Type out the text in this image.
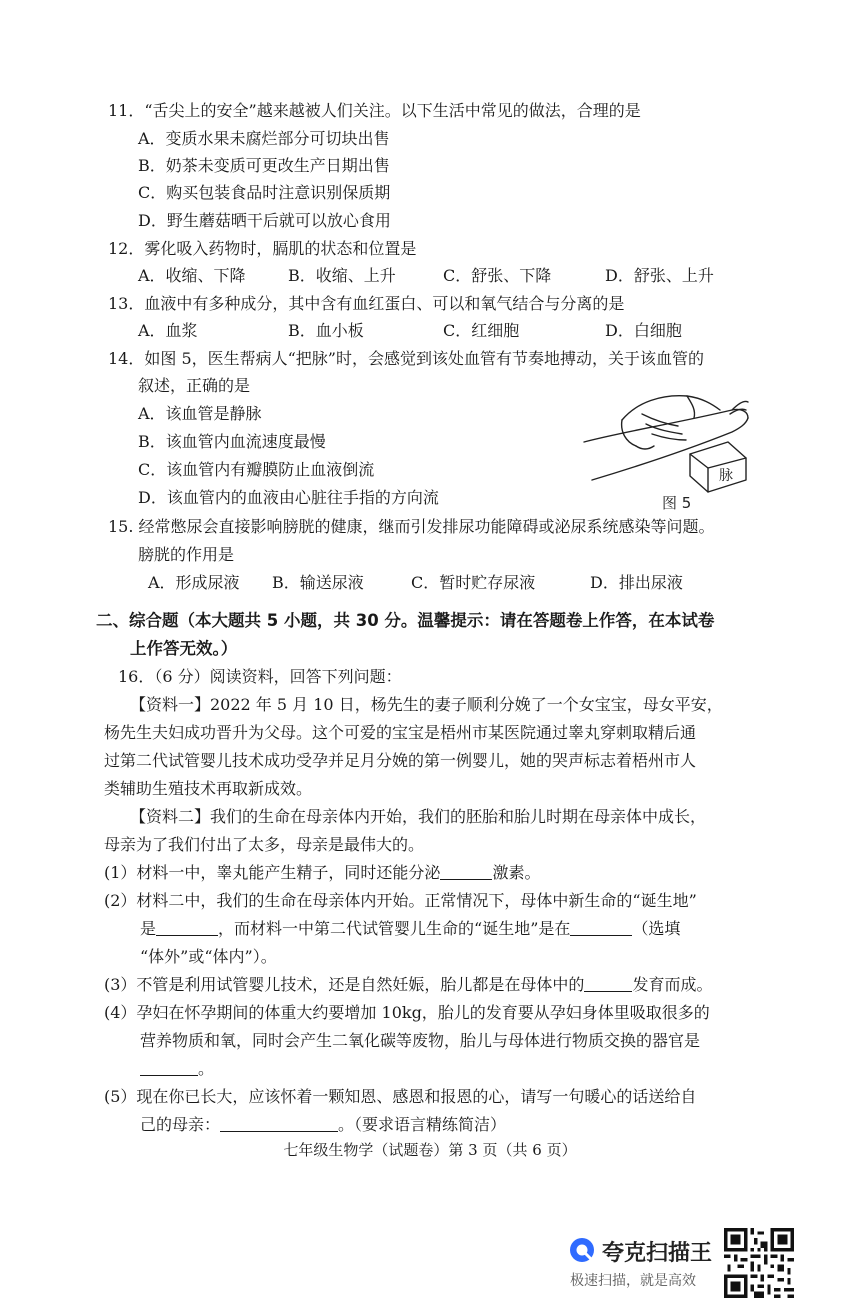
11．“舌尖上的安全”越来越被人们关注。以下生活中常见的做法，合理的是
A．变质水果未腐烂部分可切块出售
B．奶茶未变质可更改生产日期出售
C．购买包装食品时注意识别保质期
D．野生蘑菇晒干后就可以放心食用
12．雾化吸入药物时，膈肌的状态和位置是
A．收缩、下降	B．收缩、上升	C．舒张、下降	D．舒张、上升
13．血液中有多种成分，其中含有血红蛋白、可以和氧气结合与分离的是
A．血浆	B．血小板	C．红细胞	D．白细胞
14．如图 5，医生帮病人“把脉”时，会感觉到该处血管有节奏地搏动，关于该血管的
叙述，正确的是
A．该血管是静脉
B．该血管内血流速度最慢
C．该血管内有瓣膜防止血液倒流
D．该血管内的血液由心脏往手指的方向流
脉
图 5
15. 经常憋尿会直接影响膀胱的健康，继而引发排尿功能障碍或泌尿系统感染等问题。
膀胱的作用是
A．形成尿液 B．输送尿液	C．暂时贮存尿液	D．排出尿液
二、综合题（本大题共 5 小题，共 30 分。温馨提示：请在答题卷上作答，在本试卷
上作答无效。）
16．（6 分）阅读资料，回答下列问题：
【资料一】2022 年 5 月 10 日，杨先生的妻子顺利分娩了一个女宝宝，母女平安，
杨先生夫妇成功晋升为父母。这个可爱的宝宝是梧州市某医院通过睾丸穿刺取精后通
过第二代试管婴儿技术成功受孕并足月分娩的第一例婴儿，她的哭声标志着梧州市人
类辅助生殖技术再取新成效。
【资料二】我们的生命在母亲体内开始，我们的胚胎和胎儿时期在母亲体中成长，
母亲为了我们付出了太多，母亲是最伟大的。
(1）材料一中，睾丸能产生精子，同时还能分泌	激素。
(2）材料二中，我们的生命在母亲体内开始。正常情况下，母体中新生命的“诞生地”
是	，而材料一中第二代试管婴儿生命的“诞生地”是在	（选填
“体外”或“体内”）。
(3）不管是利用试管婴儿技术，还是自然妊娠，胎儿都是在母体中的	发育而成。
(4）孕妇在怀孕期间的体重大约要增加 10kg，胎儿的发育要从孕妇身体里吸取很多的
营养物质和氧，同时会产生二氧化碳等废物，胎儿与母体进行物质交换的器官是
。
(5）现在你已长大，应该怀着一颗知恩、感恩和报恩的心，请写一句暖心的话送给自
己的母亲：	。（要求语言精练简洁）
七年级生物学（试题卷）第 3 页（共 6 页）
夸克扫描王
极速扫描，就是高效
